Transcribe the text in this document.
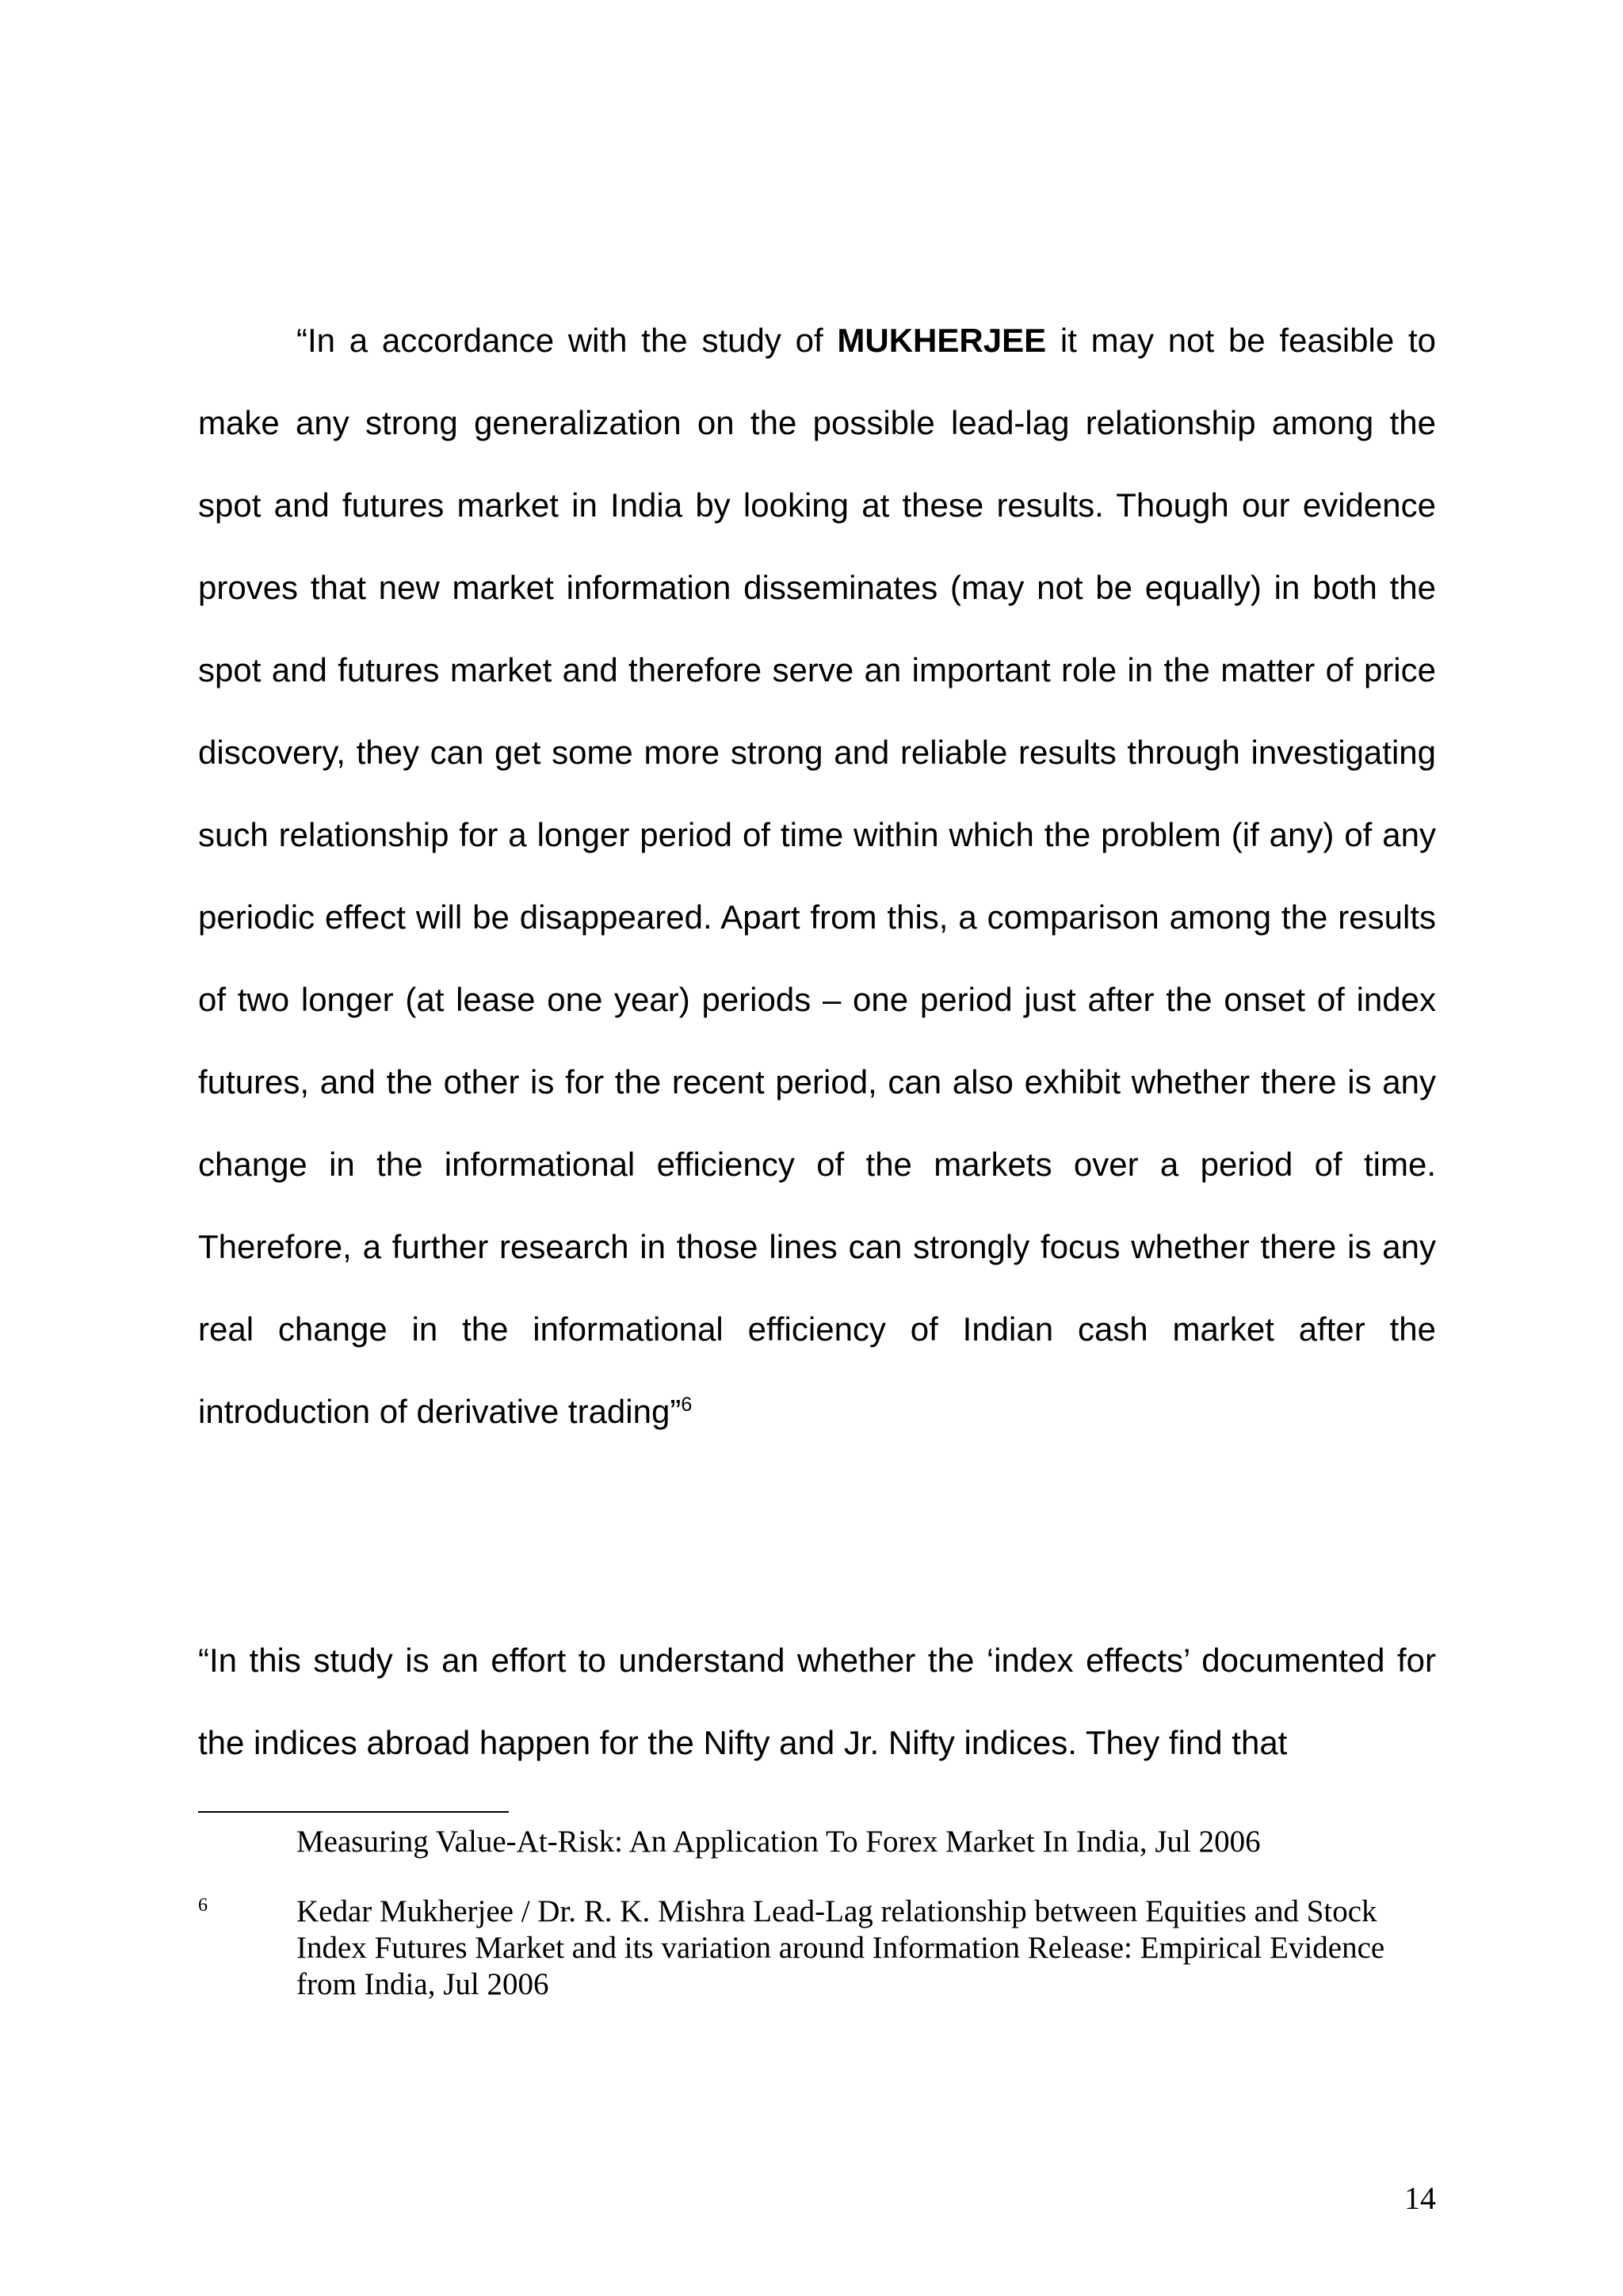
“In a accordance with the study of MUKHERJEE it may not be feasible to make any strong generalization on the possible lead-lag relationship among the spot and futures market in India by looking at these results. Though our evidence proves that new market information disseminates (may not be equally) in both the spot and futures market and therefore serve an important role in the matter of price discovery, they can get some more strong and reliable results through investigating such relationship for a longer period of time within which the problem (if any) of any periodic effect will be disappeared. Apart from this, a comparison among the results of two longer (at lease one year) periods – one period just after the onset of index futures, and the other is for the recent period, can also exhibit whether there is any change in the informational efficiency of the markets over a period of time. Therefore, a further research in those lines can strongly focus whether there is any real change in the informational efficiency of Indian cash market after the introduction of derivative trading”$^6$

“In this study is an effort to understand whether the ‘index effects’ documented for the indices abroad happen for the Nifty and Jr. Nifty indices. They find that

Measuring Value-At-Risk: An Application To Forex Market In India, Jul 2006
6	Kedar Mukherjee / Dr. R. K. Mishra Lead-Lag relationship between Equities and Stock Index Futures Market and its variation around Information Release: Empirical Evidence from India, Jul 2006
14
